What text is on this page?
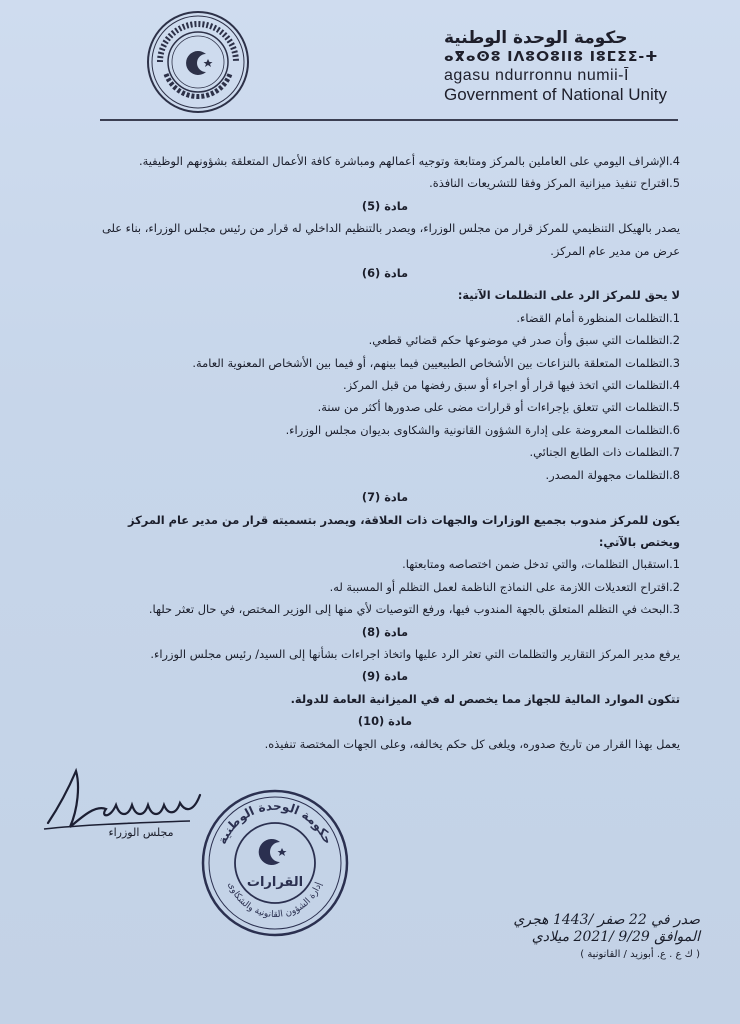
حكومة الوحدة الوطنية
ⴰⴳⴰⵙⵓ ⵏⴷⵓⵔⵓⵏⵏⵓ ⵏⵓⵎⵉⵉ-ⵜ
agasu ndurronnu numii-Ī
Government of National Unity

4.الإشراف اليومي على العاملين بالمركز ومتابعة وتوجيه أعمالهم ومباشرة كافة الأعمال المتعلقة بشؤونهم الوظيفية.

5.اقتراح تنفيذ ميزانية المركز وفقا للتشريعات النافذة.

مادة (5)

يصدر بالهيكل التنظيمي للمركز قرار من مجلس الوزراء، ويصدر بالتنظيم الداخلي له قرار من رئيس مجلس الوزراء، بناء على عرض من مدير عام المركز.

مادة (6)

لا يحق للمركز الرد على التظلمات الآتية:

1.التظلمات المنظورة أمام القضاء.

2.التظلمات التي سبق وأن صدر في موضوعها حكم قضائي قطعي.

3.التظلمات المتعلقة بالنزاعات بين الأشخاص الطبيعيين فيما بينهم، أو فيما بين الأشخاص المعنوية العامة.

4.التظلمات التي اتخذ فيها قرار أو اجراء أو سبق رفضها من قبل المركز.

5.التظلمات التي تتعلق بإجراءات أو قرارات مضى على صدورها أكثر من سنة.

6.التظلمات المعروضة على إدارة الشؤون القانونية والشكاوى بديوان مجلس الوزراء.

7.التظلمات ذات الطابع الجنائي.

8.التظلمات مجهولة المصدر.

مادة (7)

يكون للمركز مندوب بجميع الوزارات والجهات ذات العلاقة، ويصدر بتسميته قرار من مدير عام المركز ويختص بالآتي:

1.استقبال التظلمات، والتي تدخل ضمن اختصاصه ومتابعتها.

2.اقتراح التعديلات اللازمة على النماذج الناظمة لعمل التظلم أو المسببة له.

3.البحث في التظلم المتعلق بالجهة المندوب فيها، ورفع التوصيات لأي منها إلى الوزير المختص، في حال تعثر حلها.

مادة (8)

يرفع مدير المركز التقارير والتظلمات التي تعثر الرد عليها واتخاذ اجراءات بشأنها إلى السيد/ رئيس مجلس الوزراء.

مادة (9)

تتكون الموارد المالية للجهاز مما يخصص له في الميزانية العامة للدولة.

مادة (10)

يعمل بهذا القرار من تاريخ صدوره، ويلغى كل حكم يخالفه، وعلى الجهات المختصة تنفيذه.

مجلس الوزراء
حكومة الوحدة الوطنية
إدارة الشؤون القانونية والشكاوى
القرارات
صدر في 22 صفر /1443 هجري
الموافق 9/29 /2021 ميلادي
( ك ع . ع. أبوزيد / القانونية )
